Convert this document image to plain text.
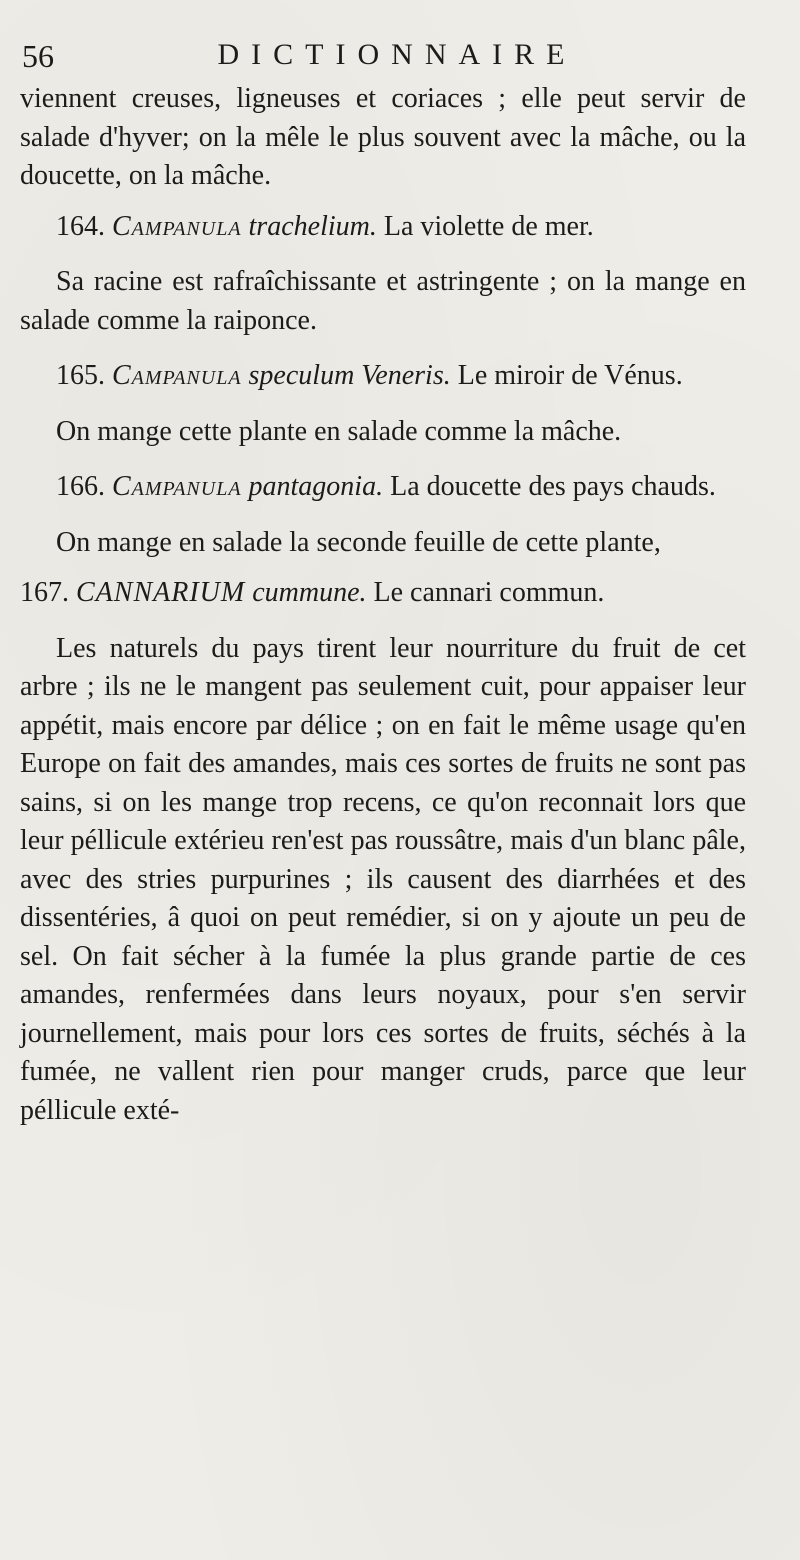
56	DICTIONNAIRE

viennent creuses, ligneuses et coriaces ; elle peut servir de salade d'hyver; on la mêle le plus souvent avec la mâche, ou la doucette, on la mâche.

164. Campanula trachelium. La violette de mer.

Sa racine est rafraîchissante et astringente ; on la mange en salade comme la raiponce.

165. Campanula speculum Veneris. Le miroir de Vénus.

On mange cette plante en salade comme la mâche.

166. Campanula pantagonia. La doucette des pays chauds.

On mange en salade la seconde feuille de cette plante,

167. CANNARIUM cummune. Le cannari commun.

Les naturels du pays tirent leur nourriture du fruit de cet arbre ; ils ne le mangent pas seulement cuit, pour appaiser leur appétit, mais encore par délice ; on en fait le même usage qu'en Europe on fait des amandes, mais ces sortes de fruits ne sont pas sains, si on les mange trop recens, ce qu'on reconnait lors que leur péllicule extérieu ren'est pas roussâtre, mais d'un blanc pâle, avec des stries purpurines ; ils causent des diarrhées et des dissentéries, â quoi on peut remédier, si on y ajoute un peu de sel. On fait sécher à la fumée la plus grande partie de ces amandes, renfermées dans leurs noyaux, pour s'en servir journellement, mais pour lors ces sortes de fruits, séchés à la fumée, ne vallent rien pour manger cruds, parce que leur péllicule exté-
